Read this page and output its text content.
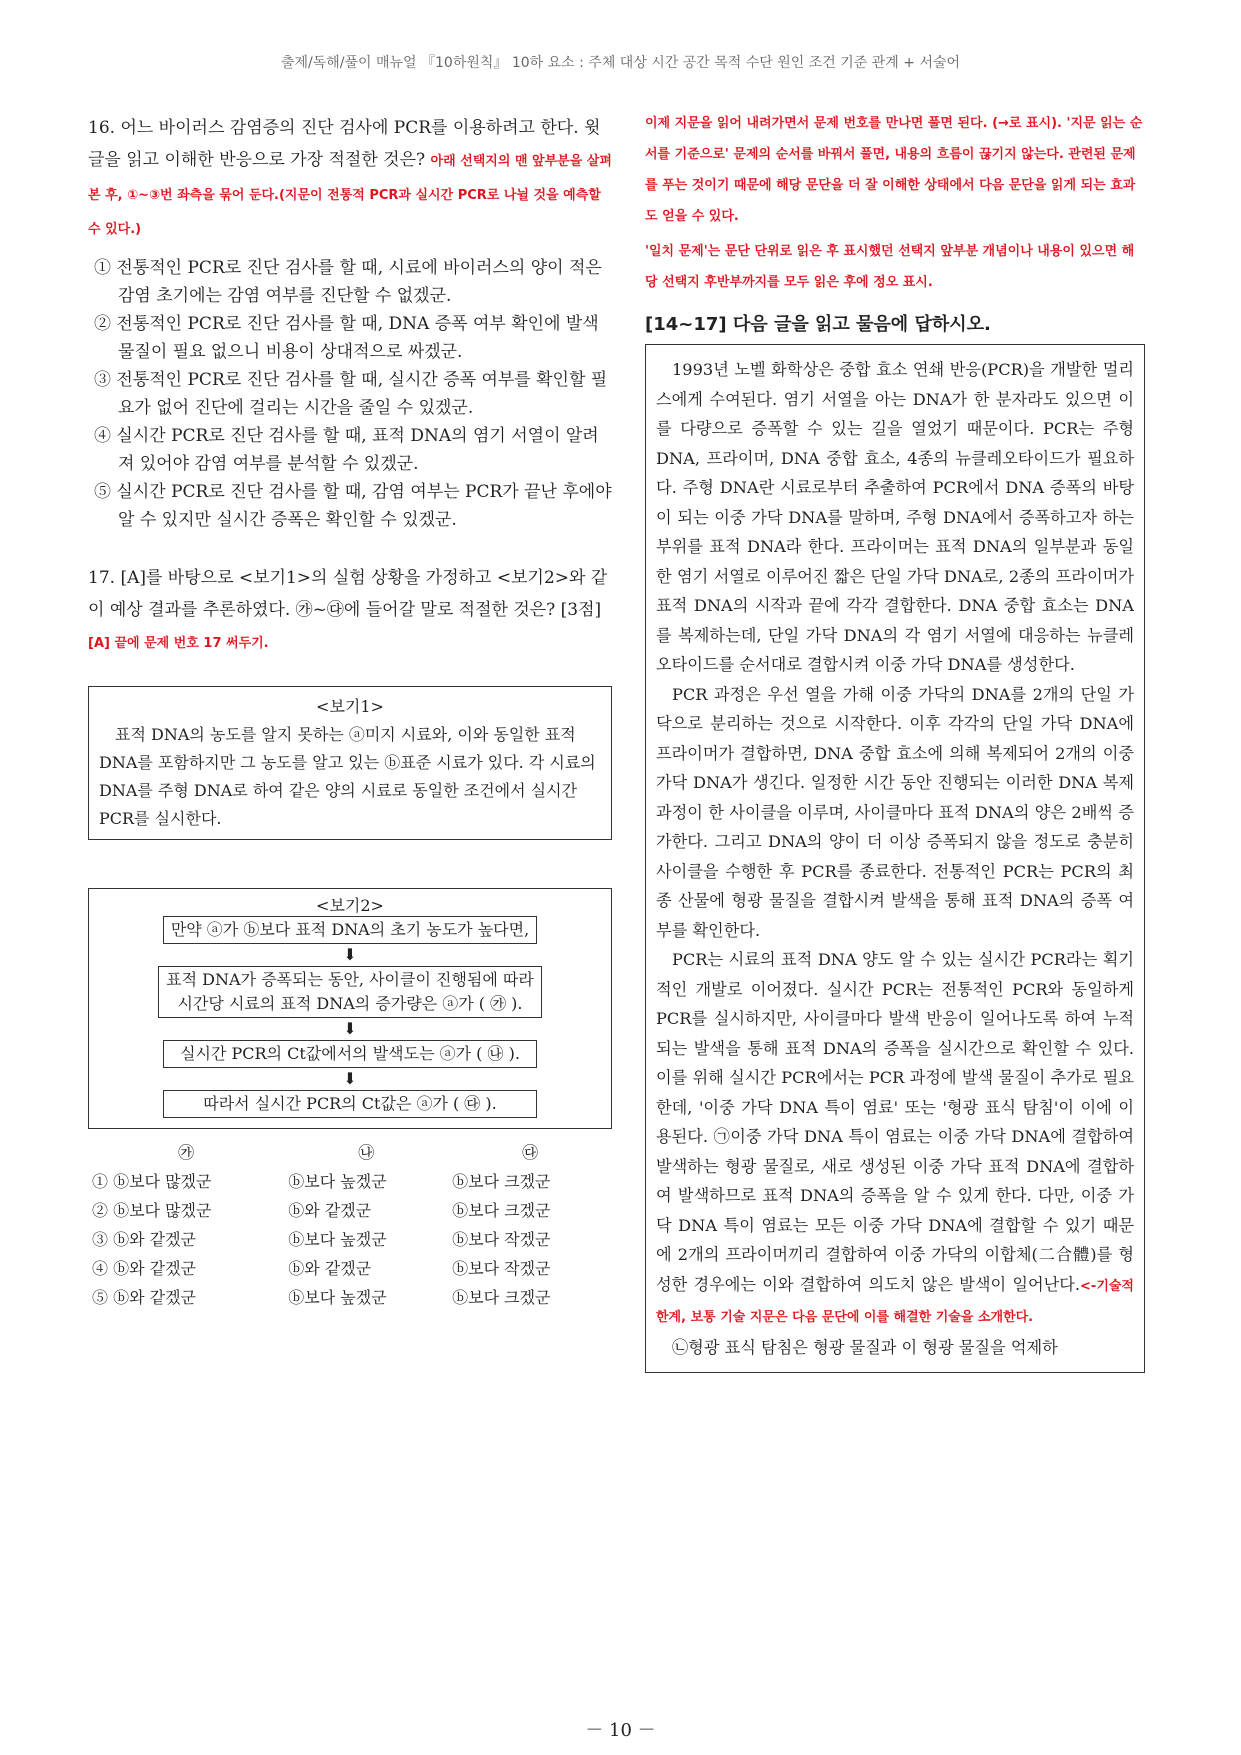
출제/독해/풀이 매뉴얼 『10하원칙』 10하 요소 : 주체 대상 시간 공간 목적 수단 원인 조건 기준 관계 + 서술어

16. 어느 바이러스 감염증의 진단 검사에 PCR를 이용하려고 한다. 윗글을 읽고 이해한 반응으로 가장 적절한 것은? 아래 선택지의 맨 앞부분을 살펴본 후, ①~③번 좌측을 묶어 둔다.(지문이 전통적 PCR과 실시간 PCR로 나뉠 것을 예측할 수 있다.)

① 전통적인 PCR로 진단 검사를 할 때, 시료에 바이러스의 양이 적은 감염 초기에는 감염 여부를 진단할 수 없겠군.
② 전통적인 PCR로 진단 검사를 할 때, DNA 증폭 여부 확인에 발색 물질이 필요 없으니 비용이 상대적으로 싸겠군.
③ 전통적인 PCR로 진단 검사를 할 때, 실시간 증폭 여부를 확인할 필요가 없어 진단에 걸리는 시간을 줄일 수 있겠군.
④ 실시간 PCR로 진단 검사를 할 때, 표적 DNA의 염기 서열이 알려져 있어야 감염 여부를 분석할 수 있겠군.
⑤ 실시간 PCR로 진단 검사를 할 때, 감염 여부는 PCR가 끝난 후에야 알 수 있지만 실시간 증폭은 확인할 수 있겠군.

17. [A]를 바탕으로 <보기1>의 실험 상황을 가정하고 <보기2>와 같이 예상 결과를 추론하였다. ㉮~㉰에 들어갈 말로 적절한 것은? [3점] [A] 끝에 문제 번호 17 써두기.

<보기1>
표적 DNA의 농도를 알지 못하는 ⓐ미지 시료와, 이와 동일한 표적 DNA를 포함하지만 그 농도를 알고 있는 ⓑ표준 시료가 있다. 각 시료의 DNA를 주형 DNA로 하여 같은 양의 시료로 동일한 조건에서 실시간 PCR를 실시한다.
<보기2>
만약 ⓐ가 ⓑ보다 표적 DNA의 초기 농도가 높다면,
⬇
표적 DNA가 증폭되는 동안, 사이클이 진행됨에 따라 시간당 시료의 표적 DNA의 증가량은 ⓐ가 ( ㉮ ).
⬇
실시간 PCR의 Ct값에서의 발색도는 ⓐ가 ( ㉯ ).
⬇
따라서 실시간 PCR의 Ct값은 ⓐ가 ( ㉰ ).
㉮	㉯	㉰
① ⓑ보다 많겠군	ⓑ보다 높겠군	ⓑ보다 크겠군
② ⓑ보다 많겠군	ⓑ와 같겠군	ⓑ보다 크겠군
③ ⓑ와 같겠군	ⓑ보다 높겠군	ⓑ보다 작겠군
④ ⓑ와 같겠군	ⓑ와 같겠군	ⓑ보다 작겠군
⑤ ⓑ와 같겠군	ⓑ보다 높겠군	ⓑ보다 크겠군
이제 지문을 읽어 내려가면서 문제 번호를 만나면 풀면 된다. (→로 표시). '지문 읽는 순서를 기준으로' 문제의 순서를 바꿔서 풀면, 내용의 흐름이 끊기지 않는다. 관련된 문제를 푸는 것이기 때문에 해당 문단을 더 잘 이해한 상태에서 다음 문단을 읽게 되는 효과도 얻을 수 있다.
'일치 문제'는 문단 단위로 읽은 후 표시했던 선택지 앞부분 개념이나 내용이 있으면 해당 선택지 후반부까지를 모두 읽은 후에 정오 표시.
[14~17] 다음 글을 읽고 물음에 답하시오.

1993년 노벨 화학상은 중합 효소 연쇄 반응(PCR)을 개발한 멀리스에게 수여된다. 염기 서열을 아는 DNA가 한 분자라도 있으면 이를 다량으로 증폭할 수 있는 길을 열었기 때문이다. PCR는 주형 DNA, 프라이머, DNA 중합 효소, 4종의 뉴클레오타이드가 필요하다. 주형 DNA란 시료로부터 추출하여 PCR에서 DNA 증폭의 바탕이 되는 이중 가닥 DNA를 말하며, 주형 DNA에서 증폭하고자 하는 부위를 표적 DNA라 한다. 프라이머는 표적 DNA의 일부분과 동일한 염기 서열로 이루어진 짧은 단일 가닥 DNA로, 2종의 프라이머가 표적 DNA의 시작과 끝에 각각 결합한다. DNA 중합 효소는 DNA를 복제하는데, 단일 가닥 DNA의 각 염기 서열에 대응하는 뉴클레오타이드를 순서대로 결합시켜 이중 가닥 DNA를 생성한다.

PCR 과정은 우선 열을 가해 이중 가닥의 DNA를 2개의 단일 가닥으로 분리하는 것으로 시작한다. 이후 각각의 단일 가닥 DNA에 프라이머가 결합하면, DNA 중합 효소에 의해 복제되어 2개의 이중 가닥 DNA가 생긴다. 일정한 시간 동안 진행되는 이러한 DNA 복제 과정이 한 사이클을 이루며, 사이클마다 표적 DNA의 양은 2배씩 증가한다. 그리고 DNA의 양이 더 이상 증폭되지 않을 정도로 충분히 사이클을 수행한 후 PCR를 종료한다. 전통적인 PCR는 PCR의 최종 산물에 형광 물질을 결합시켜 발색을 통해 표적 DNA의 증폭 여부를 확인한다.

PCR는 시료의 표적 DNA 양도 알 수 있는 실시간 PCR라는 획기적인 개발로 이어졌다. 실시간 PCR는 전통적인 PCR와 동일하게 PCR를 실시하지만, 사이클마다 발색 반응이 일어나도록 하여 누적되는 발색을 통해 표적 DNA의 증폭을 실시간으로 확인할 수 있다. 이를 위해 실시간 PCR에서는 PCR 과정에 발색 물질이 추가로 필요한데, '이중 가닥 DNA 특이 염료' 또는 '형광 표식 탐침'이 이에 이용된다. ㉠이중 가닥 DNA 특이 염료는 이중 가닥 DNA에 결합하여 발색하는 형광 물질로, 새로 생성된 이중 가닥 표적 DNA에 결합하여 발색하므로 표적 DNA의 증폭을 알 수 있게 한다. 다만, 이중 가닥 DNA 특이 염료는 모든 이중 가닥 DNA에 결합할 수 있기 때문에 2개의 프라이머끼리 결합하여 이중 가닥의 이합체(二合體)를 형성한 경우에는 이와 결합하여 의도치 않은 발색이 일어난다.<-기술적 한계, 보통 기술 지문은 다음 문단에 이를 해결한 기술을 소개한다.

㉡형광 표식 탐침은 형광 물질과 이 형광 물질을 억제하

－ 10 －
